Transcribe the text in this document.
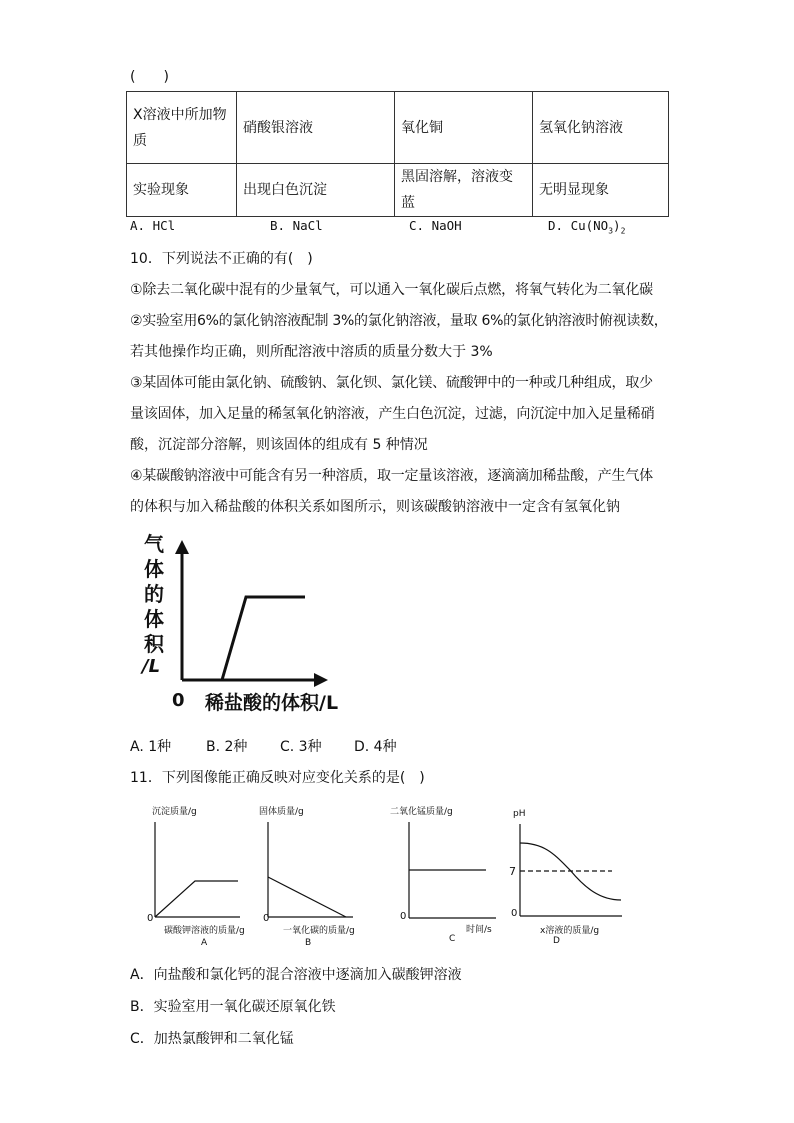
(　　)
X溶液中所加物质	硝酸银溶液	氧化铜	氢氧化钠溶液
实验现象	出现白色沉淀	黑固溶解，溶液变蓝	无明显现象
A. HCl	B. NaCl	C. NaOH	D. $Cu(NO_3)_2$
10．下列说法不正确的有(　)
①除去二氧化碳中混有的少量氧气，可以通入一氧化碳后点燃，将氧气转化为二氧化碳
②实验室用6%的氯化钠溶液配制 3%的氯化钠溶液，量取 6%的氯化钠溶液时俯视读数，
若其他操作均正确，则所配溶液中溶质的质量分数大于 3%
③某固体可能由氯化钠、硫酸钠、氯化钡、氯化镁、硫酸钾中的一种或几种组成，取少
量该固体，加入足量的稀氢氧化钠溶液，产生白色沉淀，过滤，向沉淀中加入足量稀硝
酸，沉淀部分溶解，则该固体的组成有 5 种情况
④某碳酸钠溶液中可能含有另一种溶质，取一定量该溶液，逐滴滴加稀盐酸，产生气体
的体积与加入稀盐酸的体积关系如图所示，则该碳酸钠溶液中一定含有氢氧化钠
气
体
的
体
积
/L
0 稀盐酸的体积/L
A. 1种 B. 2种 C. 3种 D. 4种
11．下列图像能正确反映对应变化关系的是(　)
沉淀质量/g
0
碳酸钾溶液的质量/g
A
固体质量/g
0
一氧化碳的质量/g
B
二氧化锰质量/g
0
时间/s
C
pH
7
0
x溶液的质量/g
D
A．向盐酸和氯化钙的混合溶液中逐滴加入碳酸钾溶液
B．实验室用一氧化碳还原氧化铁
C．加热氯酸钾和二氧化锰
